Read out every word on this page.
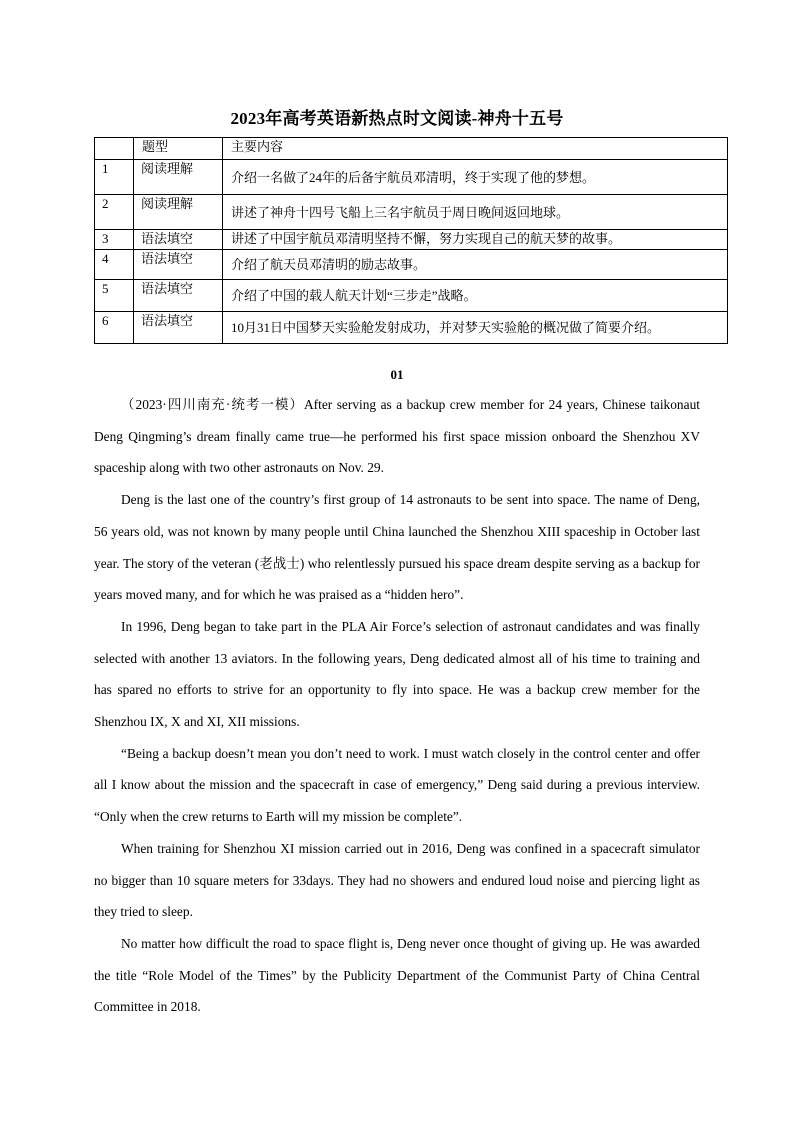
2023年高考英语新热点时文阅读-神舟十五号
	题型	主要内容
1	阅读理解	介绍一名做了24年的后备宇航员邓清明，终于实现了他的梦想。
2	阅读理解	讲述了神舟十四号飞船上三名宇航员于周日晚间返回地球。
3	语法填空	讲述了中国宇航员邓清明坚持不懈，努力实现自己的航天梦的故事。
4	语法填空	介绍了航天员邓清明的励志故事。
5	语法填空	介绍了中国的载人航天计划“三步走”战略。
6	语法填空	10月31日中国梦天实验舱发射成功，并对梦天实验舱的概况做了简要介绍。
01

（2023·四川南充·统考一模）After serving as a backup crew member for 24 years, Chinese taikonaut Deng Qingming’s dream finally came true—he performed his first space mission onboard the Shenzhou XV spaceship along with two other astronauts on Nov. 29.

Deng is the last one of the country’s first group of 14 astronauts to be sent into space. The name of Deng, 56 years old, was not known by many people until China launched the Shenzhou XIII spaceship in October last year. The story of the veteran (老战士) who relentlessly pursued his space dream despite serving as a backup for years moved many, and for which he was praised as a “hidden hero”.

In 1996, Deng began to take part in the PLA Air Force’s selection of astronaut candidates and was finally selected with another 13 aviators. In the following years, Deng dedicated almost all of his time to training and has spared no efforts to strive for an opportunity to fly into space. He was a backup crew member for the Shenzhou IX, X and XI, XII missions.

“Being a backup doesn’t mean you don’t need to work. I must watch closely in the control center and offer all I know about the mission and the spacecraft in case of emergency,” Deng said during a previous interview. “Only when the crew returns to Earth will my mission be complete”.

When training for Shenzhou XI mission carried out in 2016, Deng was confined in a spacecraft simulator no bigger than 10 square meters for 33days. They had no showers and endured loud noise and piercing light as they tried to sleep.

No matter how difficult the road to space flight is, Deng never once thought of giving up. He was awarded the title “Role Model of the Times” by the Publicity Department of the Communist Party of China Central Committee in 2018.
